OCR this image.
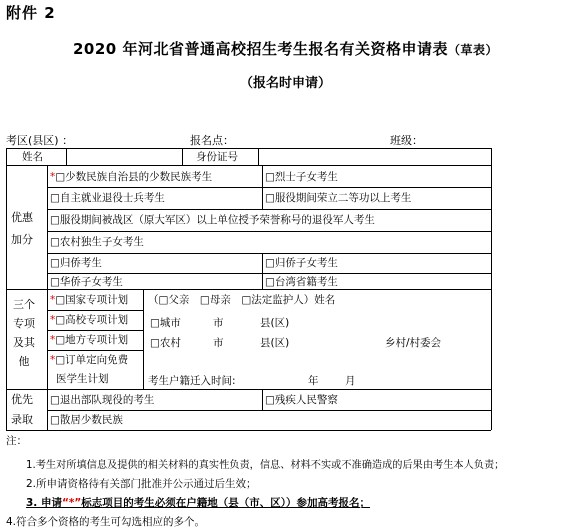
附件 2
2020 年河北省普通高校招生考生报名有关资格申请表（草表）
（报名时申请）
考区(县区) ：	报名点：	班级：
姓名	身份证号
优惠
加分
*□少数民族自治县的少数民族考生	□烈士子女考生
□自主就业退役士兵考生	□服役期间荣立二等功以上考生
□服役期间被战区（原大军区）以上单位授予荣誉称号的退役军人考生
□农村独生子女考生
□归侨考生	□归侨子女考生
□华侨子女考生	□台湾省籍考生
三个专项及其他
*□国家专项计划
*□高校专项计划
*□地方专项计划
*□订单定向免费
医学生计划
（□父亲　□母亲　□法定监护人）姓名
□城市	市	县(区)
□农村	市	县(区)	乡村/村委会
考生户籍迁入时间:	年	月
优先
录取
□退出部队现役的考生	□残疾人民警察
□散居少数民族
注：
1.考生对所填信息及提供的相关材料的真实性负责，信息、材料不实或不准确造成的后果由考生本人负责；
2.所申请资格待有关部门批准并公示通过后生效；
3. 申请“*”标志项目的考生必须在户籍地（县（市、区））参加高考报名；
4.符合多个资格的考生可勾选相应的多个。
